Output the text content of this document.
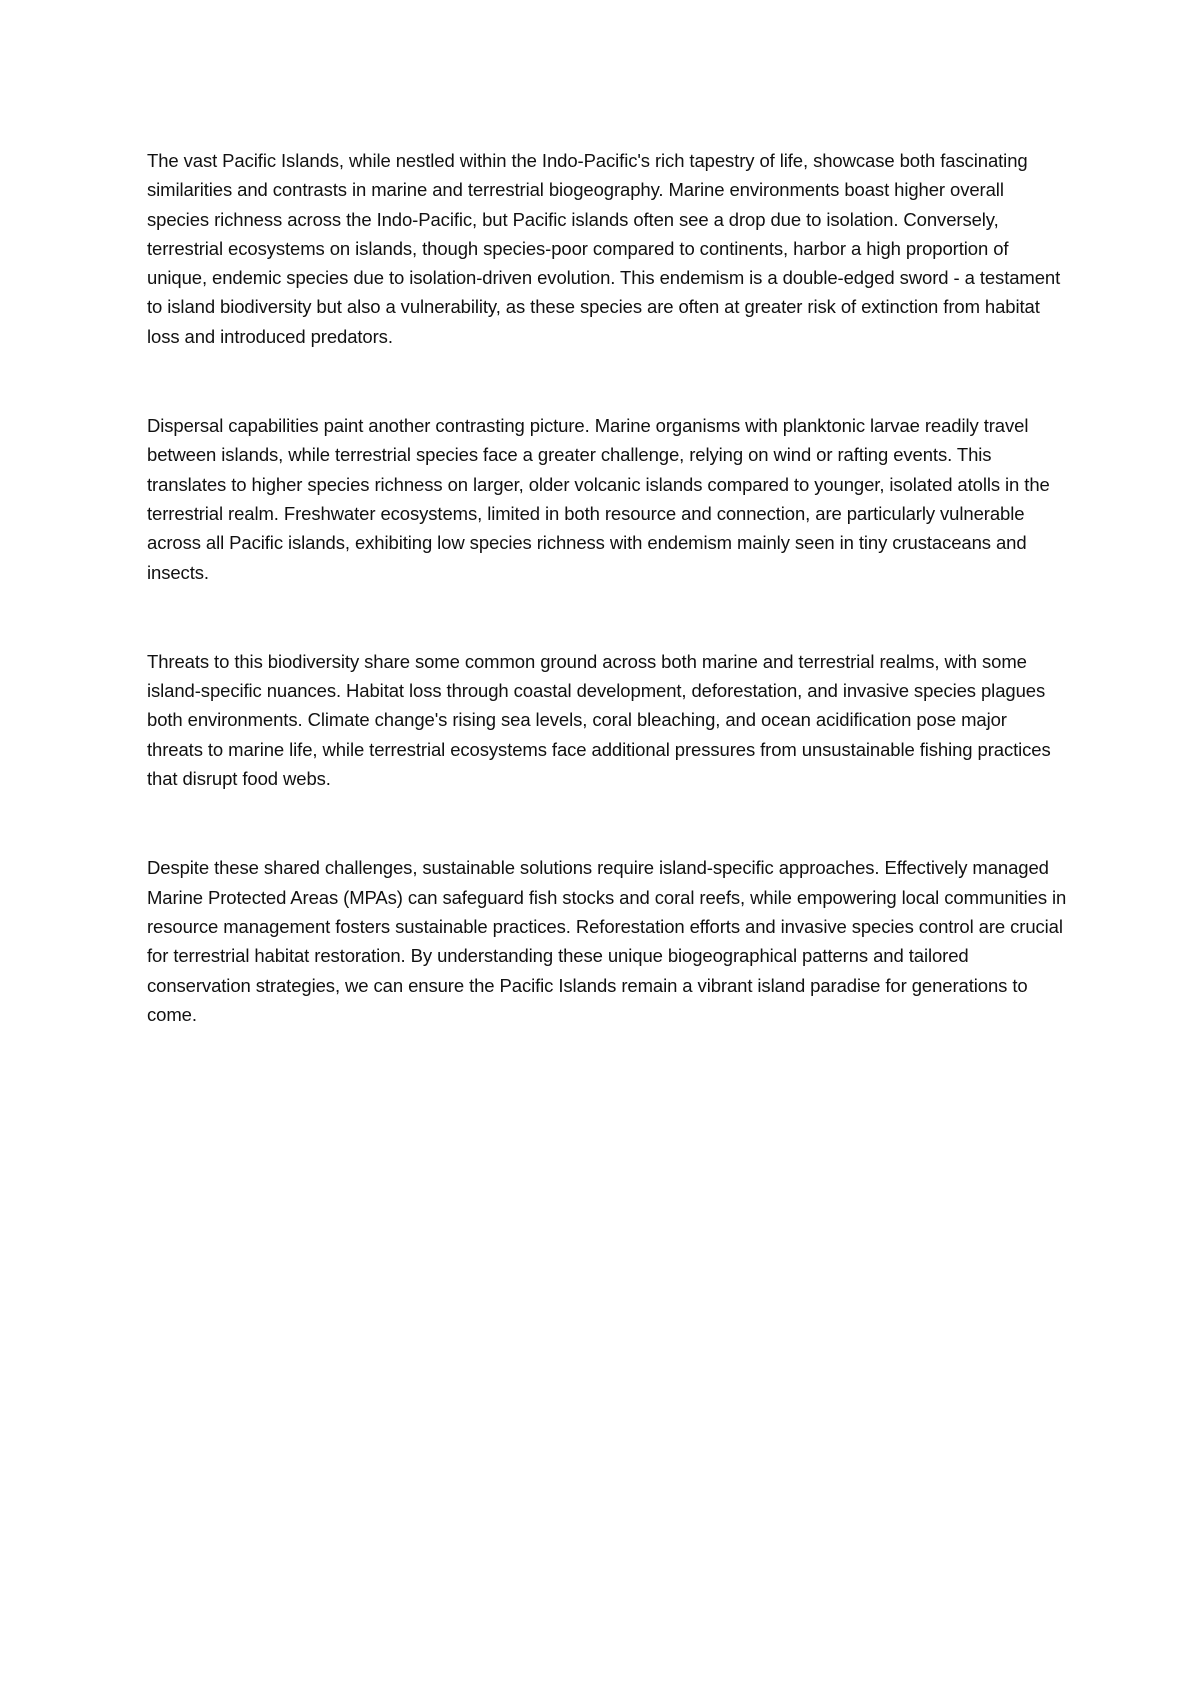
The vast Pacific Islands, while nestled within the Indo-Pacific's rich tapestry of life, showcase both fascinating similarities and contrasts in marine and terrestrial biogeography. Marine environments boast higher overall species richness across the Indo-Pacific, but Pacific islands often see a drop due to isolation. Conversely, terrestrial ecosystems on islands, though species-poor compared to continents, harbor a high proportion of unique, endemic species due to isolation-driven evolution. This endemism is a double-edged sword - a testament to island biodiversity but also a vulnerability, as these species are often at greater risk of extinction from habitat loss and introduced predators.

Dispersal capabilities paint another contrasting picture. Marine organisms with planktonic larvae readily travel between islands, while terrestrial species face a greater challenge, relying on wind or rafting events. This translates to higher species richness on larger, older volcanic islands compared to younger, isolated atolls in the terrestrial realm. Freshwater ecosystems, limited in both resource and connection, are particularly vulnerable across all Pacific islands, exhibiting low species richness with endemism mainly seen in tiny crustaceans and insects.

Threats to this biodiversity share some common ground across both marine and terrestrial realms, with some island-specific nuances. Habitat loss through coastal development, deforestation, and invasive species plagues both environments. Climate change's rising sea levels, coral bleaching, and ocean acidification pose major threats to marine life, while terrestrial ecosystems face additional pressures from unsustainable fishing practices that disrupt food webs.

Despite these shared challenges, sustainable solutions require island-specific approaches. Effectively managed Marine Protected Areas (MPAs) can safeguard fish stocks and coral reefs, while empowering local communities in resource management fosters sustainable practices. Reforestation efforts and invasive species control are crucial for terrestrial habitat restoration. By understanding these unique biogeographical patterns and tailored conservation strategies, we can ensure the Pacific Islands remain a vibrant island paradise for generations to come.
